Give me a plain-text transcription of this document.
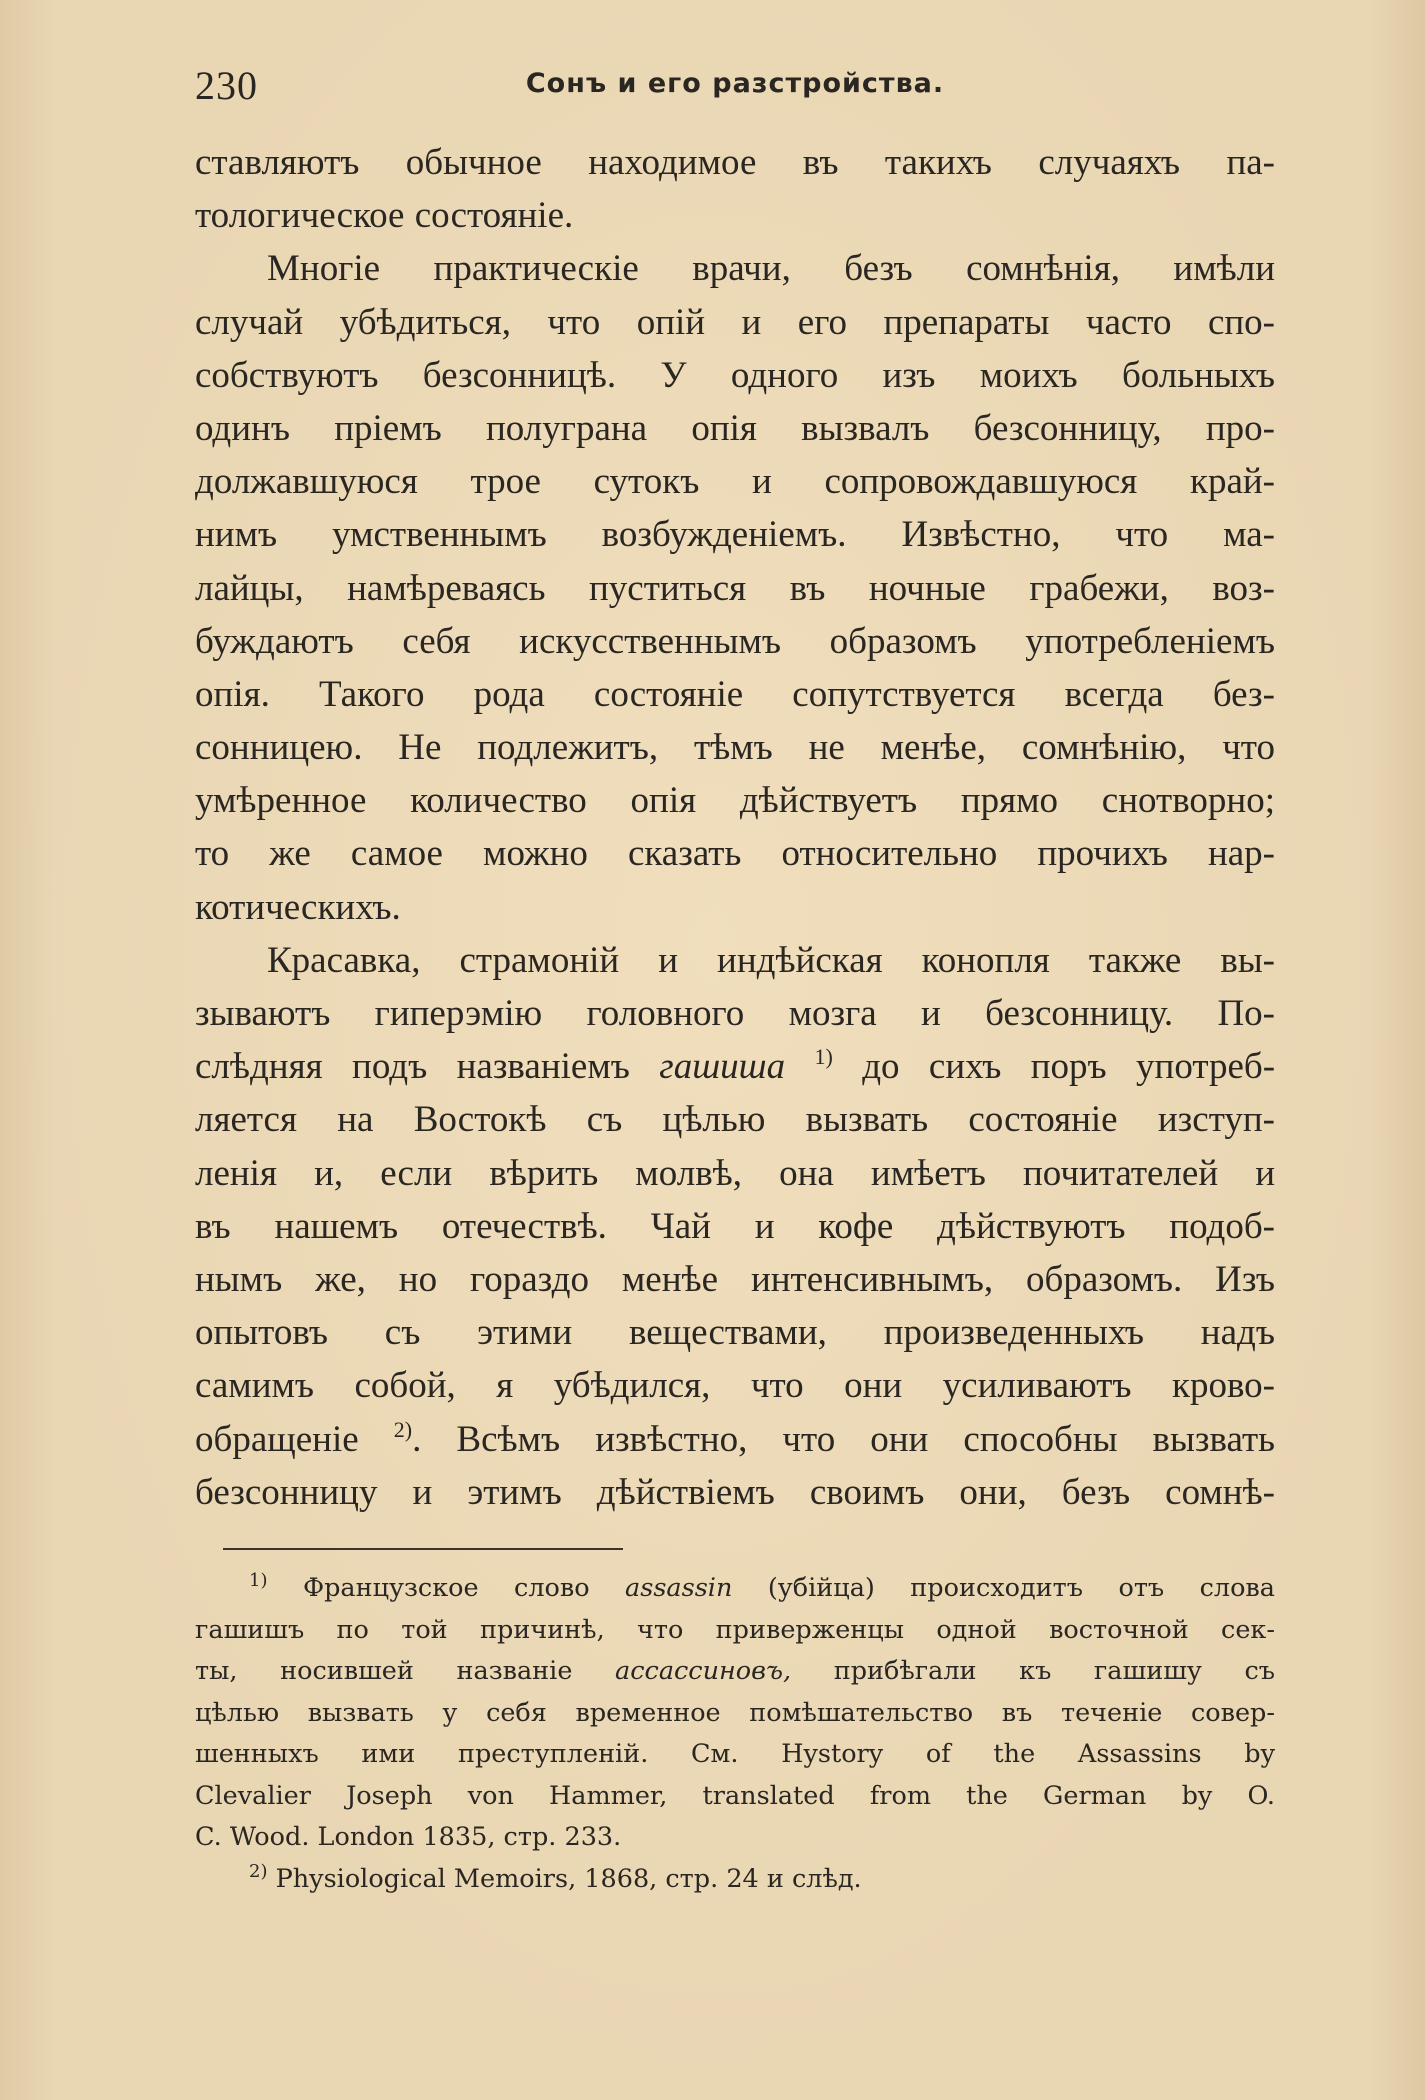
230	Сонъ и его разстройства.
ставляютъ обычное находимое въ такихъ случаяхъ па-
тологическое состояніе.
Многіе практическіе врачи, безъ сомнѣнія, имѣли
случай убѣдиться, что опій и его препараты часто спо-
собствуютъ безсонницѣ. У одного изъ моихъ больныхъ
одинъ пріемъ полуграна опія вызвалъ безсонницу, про-
должавшуюся трое сутокъ и сопровождавшуюся край-
нимъ умственнымъ возбужденіемъ. Извѣстно, что ма-
лайцы, намѣреваясь пуститься въ ночные грабежи, воз-
буждаютъ себя искусственнымъ образомъ употребленіемъ
опія. Такого рода состояніе сопутствуется всегда без-
сонницею. Не подлежитъ, тѣмъ не менѣе, сомнѣнію, что
умѣренное количество опія дѣйствуетъ прямо снотворно;
то же самое можно сказать относительно прочихъ нар-
котическихъ.
Красавка, страмоній и индѣйская конопля также вы-
зываютъ гиперэмію головного мозга и безсонницу. По-
слѣдняя подъ названіемъ гашиша $^{1)}$ до сихъ поръ употреб-
ляется на Востокѣ съ цѣлью вызвать состояніе изступ-
ленія и, если вѣрить молвѣ, она имѣетъ почитателей и
въ нашемъ отечествѣ. Чай и кофе дѣйствуютъ подоб-
нымъ же, но гораздо менѣе интенсивнымъ, образомъ. Изъ
опытовъ съ этими веществами, произведенныхъ надъ
самимъ собой, я убѣдился, что они усиливаютъ крово-
обращеніе $^{2)}$. Всѣмъ извѣстно, что они способны вызвать
безсонницу и этимъ дѣйствіемъ своимъ они, безъ сомнѣ-
$^{1)}$ Французское слово assassin (убійца) происходитъ отъ слова
гашишъ по той причинѣ, что приверженцы одной восточной сек-
ты, носившей названіе ассассиновъ, прибѣгали къ гашишу съ
цѣлью вызвать у себя временное помѣшательство въ теченіе совер-
шенныхъ ими преступленій. См. Hystory of the Assassins by
Clevalier Joseph von Hammer, translated from the German by O.
C. Wood. London 1835, стр. 233.
$^{2)}$ Physiological Memoirs, 1868, стр. 24 и слѣд.
